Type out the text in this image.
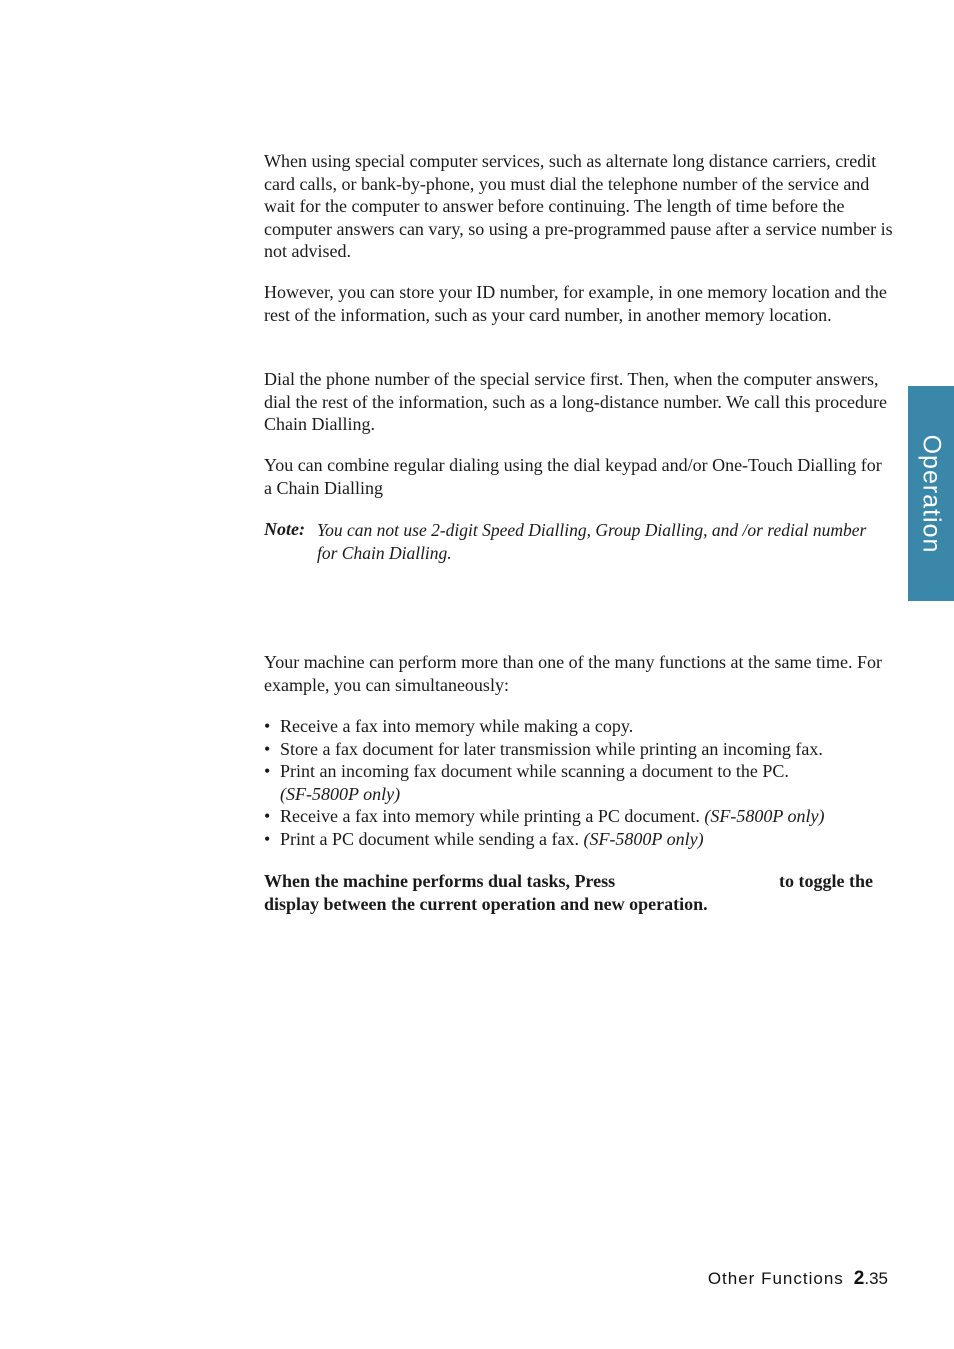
When using special computer services, such as alternate long distance carriers, credit card calls, or bank-by-phone, you must dial the telephone number of the service and wait for the computer to answer before continuing. The length of time before the computer answers can vary, so using a pre-programmed pause after a service number is not advised.

However, you can store your ID number, for example, in one memory location and the rest of the information, such as your card number, in another memory location.

Dial the phone number of the special service first. Then, when the computer answers, dial the rest of the information, such as a long-distance number. We call this procedure Chain Dialling.

You can combine regular dialing using the dial keypad and/or One-Touch Dialling for a Chain Dialling

Note: You can not use 2-digit Speed Dialling, Group Dialling, and /or redial number for Chain Dialling.

Your machine can perform more than one of the many functions at the same time. For example, you can simultaneously:

• Receive a fax into memory while making a copy.
• Store a fax document for later transmission while printing an incoming fax.
• Print an incoming fax document while scanning a document to the PC.
(SF-5800P only)
• Receive a fax into memory while printing a PC document. (SF-5800P only)
• Print a PC document while sending a fax. (SF-5800P only)
When the machine performs dual tasks, Press	to toggle the

display between the current operation and new operation.
Operation
Other Functions 2.35
